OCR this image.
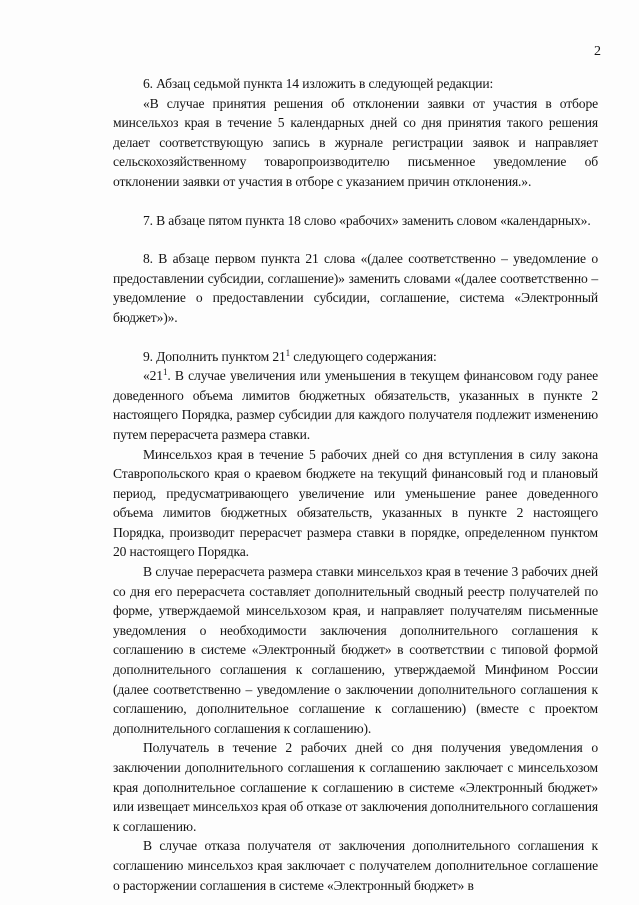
2

6. Абзац седьмой пункта 14 изложить в следующей редакции:

«В случае принятия решения об отклонении заявки от участия в отборе минсельхоз края в течение 5 календарных дней со дня принятия такого решения делает соответствующую запись в журнале регистрации заявок и направляет сельскохозяйственному товаропроизводителю письменное уведомление об отклонении заявки от участия в отборе с указанием причин отклонения.».

7. В абзаце пятом пункта 18 слово «рабочих» заменить словом «календарных».

8. В абзаце первом пункта 21 слова «(далее соответственно – уведомление о предоставлении субсидии, соглашение)» заменить словами «(далее соответственно – уведомление о предоставлении субсидии, соглашение, система «Электронный бюджет»)».

9. Дополнить пунктом $21^1$ следующего содержания:

«$21^1$. В случае увеличения или уменьшения в текущем финансовом году ранее доведенного объема лимитов бюджетных обязательств, указанных в пункте 2 настоящего Порядка, размер субсидии для каждого получателя подлежит изменению путем перерасчета размера ставки.

Минсельхоз края в течение 5 рабочих дней со дня вступления в силу закона Ставропольского края о краевом бюджете на текущий финансовый год и плановый период, предусматривающего увеличение или уменьшение ранее доведенного объема лимитов бюджетных обязательств, указанных в пункте 2 настоящего Порядка, производит перерасчет размера ставки в порядке, определенном пунктом 20 настоящего Порядка.

В случае перерасчета размера ставки минсельхоз края в течение 3 рабочих дней со дня его перерасчета составляет дополнительный сводный реестр получателей по форме, утверждаемой минсельхозом края, и направляет получателям письменные уведомления о необходимости заключения дополнительного соглашения к соглашению в системе «Электронный бюджет» в соответствии с типовой формой дополнительного соглашения к соглашению, утверждаемой Минфином России (далее соответственно – уведомление о заключении дополнительного соглашения к соглашению, дополнительное соглашение к соглашению) (вместе с проектом дополнительного соглашения к соглашению).

Получатель в течение 2 рабочих дней со дня получения уведомления о заключении дополнительного соглашения к соглашению заключает с минсельхозом края дополнительное соглашение к соглашению в системе «Электронный бюджет» или извещает минсельхоз края об отказе от заключения дополнительного соглашения к соглашению.

В случае отказа получателя от заключения дополнительного соглашения к соглашению минсельхоз края заключает с получателем дополнительное соглашение о расторжении соглашения в системе «Электронный бюджет» в
